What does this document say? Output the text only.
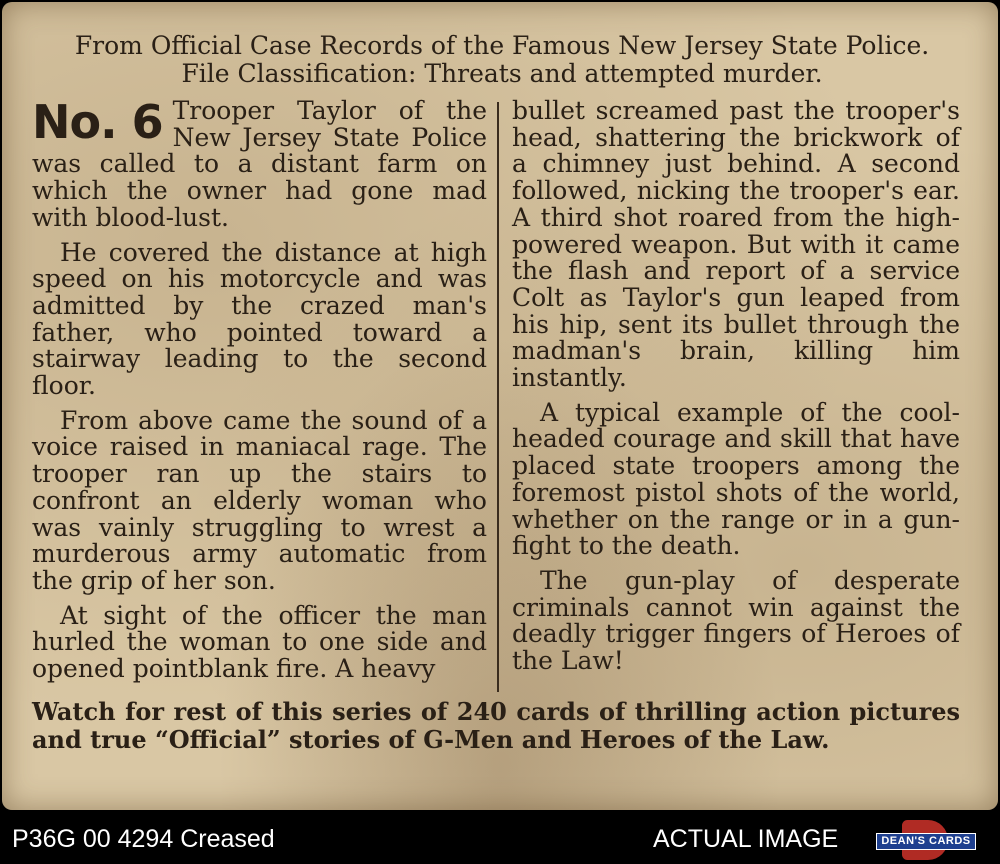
From Official Case Records of the Famous New Jersey State Police.
File Classification: Threats and attempted murder.

No. 6 Trooper Taylor of the New Jersey State Police was called to a distant farm on which the owner had gone mad with blood-lust.

He covered the distance at high speed on his motorcycle and was admitted by the crazed man's father, who pointed toward a stairway leading to the second floor.

From above came the sound of a voice raised in maniacal rage. The trooper ran up the stairs to confront an elderly woman who was vainly struggling to wrest a murderous army automatic from the grip of her son.

At sight of the officer the man hurled the woman to one side and opened pointblank fire. A heavy

bullet screamed past the trooper's head, shattering the brickwork of a chimney just behind. A second followed, nicking the trooper's ear. A third shot roared from the high-powered weapon. But with it came the flash and report of a service Colt as Taylor's gun leaped from his hip, sent its bullet through the madman's brain, killing him instantly.

A typical example of the cool-headed courage and skill that have placed state troopers among the foremost pistol shots of the world, whether on the range or in a gun-fight to the death.

The gun-play of desperate criminals cannot win against the deadly trigger fingers of Heroes of the Law!

Watch for rest of this series of 240 cards of thrilling action pictures and true “Official” stories of G-Men and Heroes of the Law.
P36G 00 4294 Creased	ACTUAL IMAGE	DEAN'S CARDS
